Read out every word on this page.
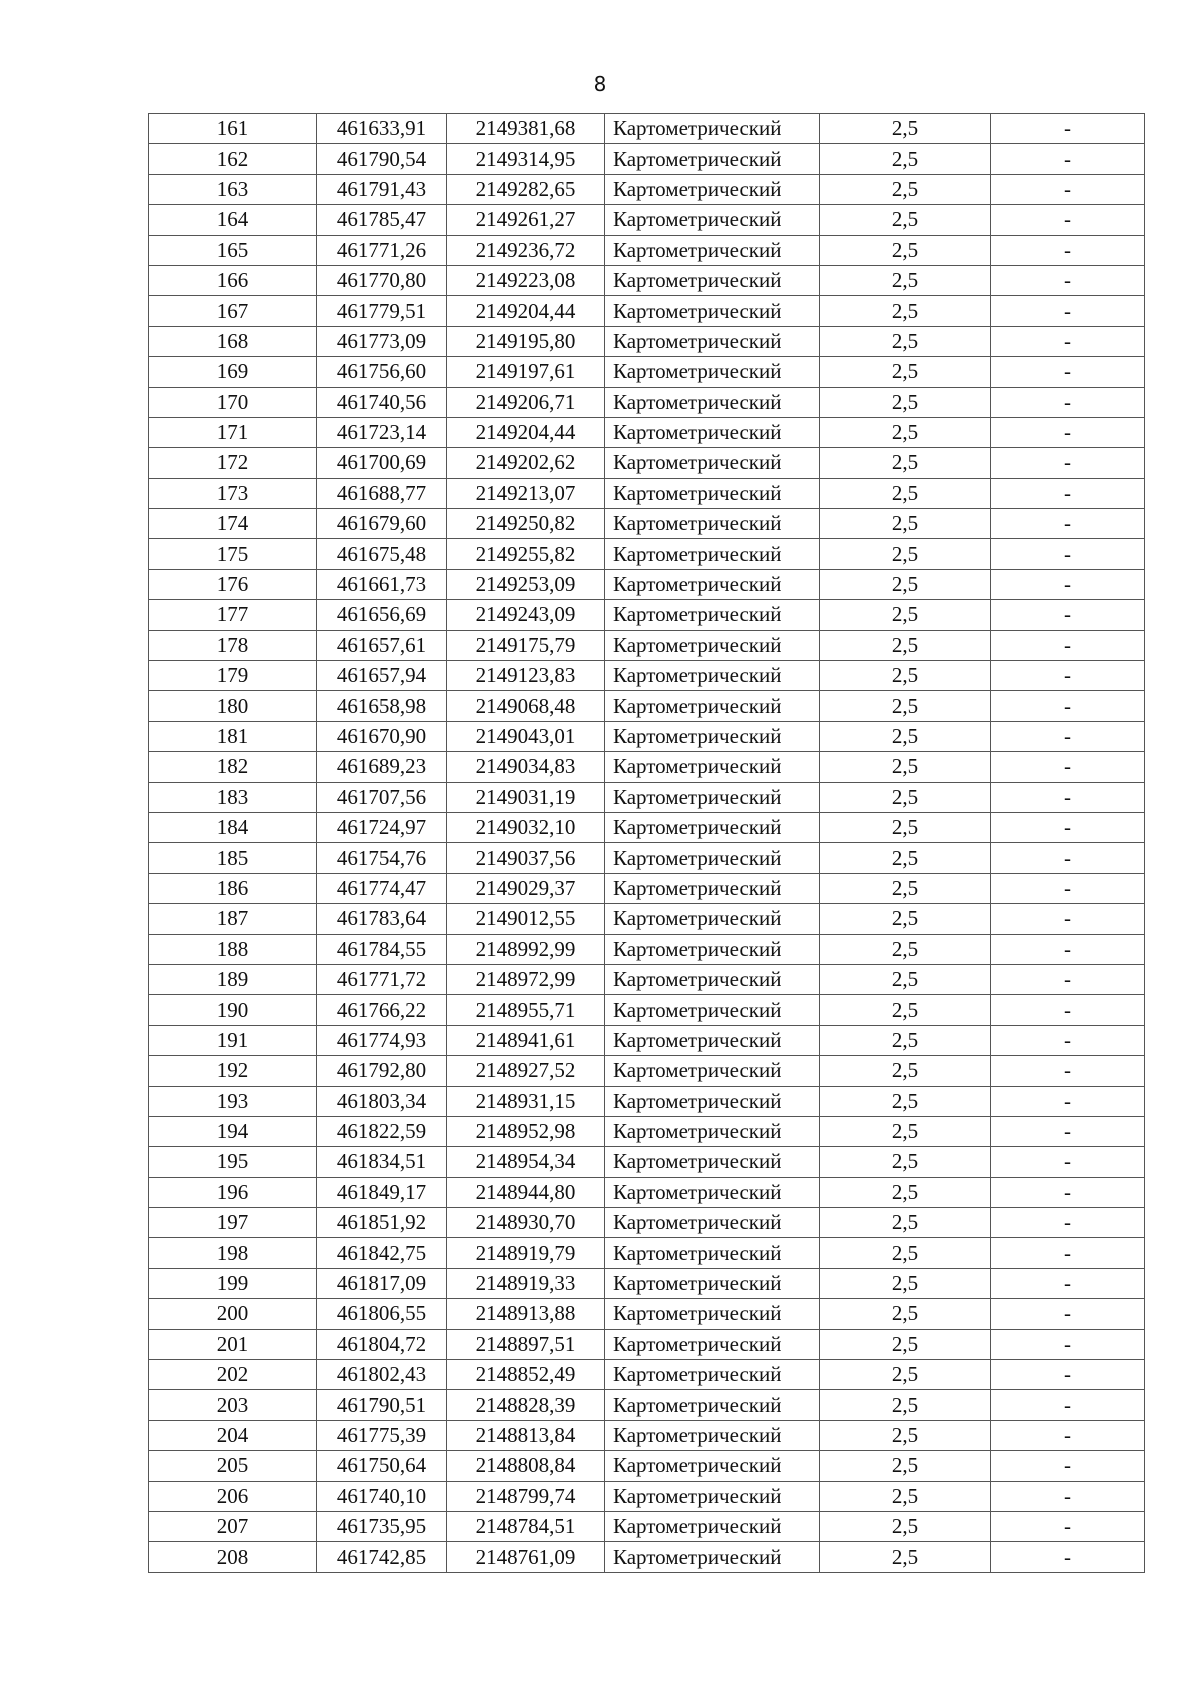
8
161	461633,91	2149381,68	Картометрический	2,5	-
162	461790,54	2149314,95	Картометрический	2,5	-
163	461791,43	2149282,65	Картометрический	2,5	-
164	461785,47	2149261,27	Картометрический	2,5	-
165	461771,26	2149236,72	Картометрический	2,5	-
166	461770,80	2149223,08	Картометрический	2,5	-
167	461779,51	2149204,44	Картометрический	2,5	-
168	461773,09	2149195,80	Картометрический	2,5	-
169	461756,60	2149197,61	Картометрический	2,5	-
170	461740,56	2149206,71	Картометрический	2,5	-
171	461723,14	2149204,44	Картометрический	2,5	-
172	461700,69	2149202,62	Картометрический	2,5	-
173	461688,77	2149213,07	Картометрический	2,5	-
174	461679,60	2149250,82	Картометрический	2,5	-
175	461675,48	2149255,82	Картометрический	2,5	-
176	461661,73	2149253,09	Картометрический	2,5	-
177	461656,69	2149243,09	Картометрический	2,5	-
178	461657,61	2149175,79	Картометрический	2,5	-
179	461657,94	2149123,83	Картометрический	2,5	-
180	461658,98	2149068,48	Картометрический	2,5	-
181	461670,90	2149043,01	Картометрический	2,5	-
182	461689,23	2149034,83	Картометрический	2,5	-
183	461707,56	2149031,19	Картометрический	2,5	-
184	461724,97	2149032,10	Картометрический	2,5	-
185	461754,76	2149037,56	Картометрический	2,5	-
186	461774,47	2149029,37	Картометрический	2,5	-
187	461783,64	2149012,55	Картометрический	2,5	-
188	461784,55	2148992,99	Картометрический	2,5	-
189	461771,72	2148972,99	Картометрический	2,5	-
190	461766,22	2148955,71	Картометрический	2,5	-
191	461774,93	2148941,61	Картометрический	2,5	-
192	461792,80	2148927,52	Картометрический	2,5	-
193	461803,34	2148931,15	Картометрический	2,5	-
194	461822,59	2148952,98	Картометрический	2,5	-
195	461834,51	2148954,34	Картометрический	2,5	-
196	461849,17	2148944,80	Картометрический	2,5	-
197	461851,92	2148930,70	Картометрический	2,5	-
198	461842,75	2148919,79	Картометрический	2,5	-
199	461817,09	2148919,33	Картометрический	2,5	-
200	461806,55	2148913,88	Картометрический	2,5	-
201	461804,72	2148897,51	Картометрический	2,5	-
202	461802,43	2148852,49	Картометрический	2,5	-
203	461790,51	2148828,39	Картометрический	2,5	-
204	461775,39	2148813,84	Картометрический	2,5	-
205	461750,64	2148808,84	Картометрический	2,5	-
206	461740,10	2148799,74	Картометрический	2,5	-
207	461735,95	2148784,51	Картометрический	2,5	-
208	461742,85	2148761,09	Картометрический	2,5	-
